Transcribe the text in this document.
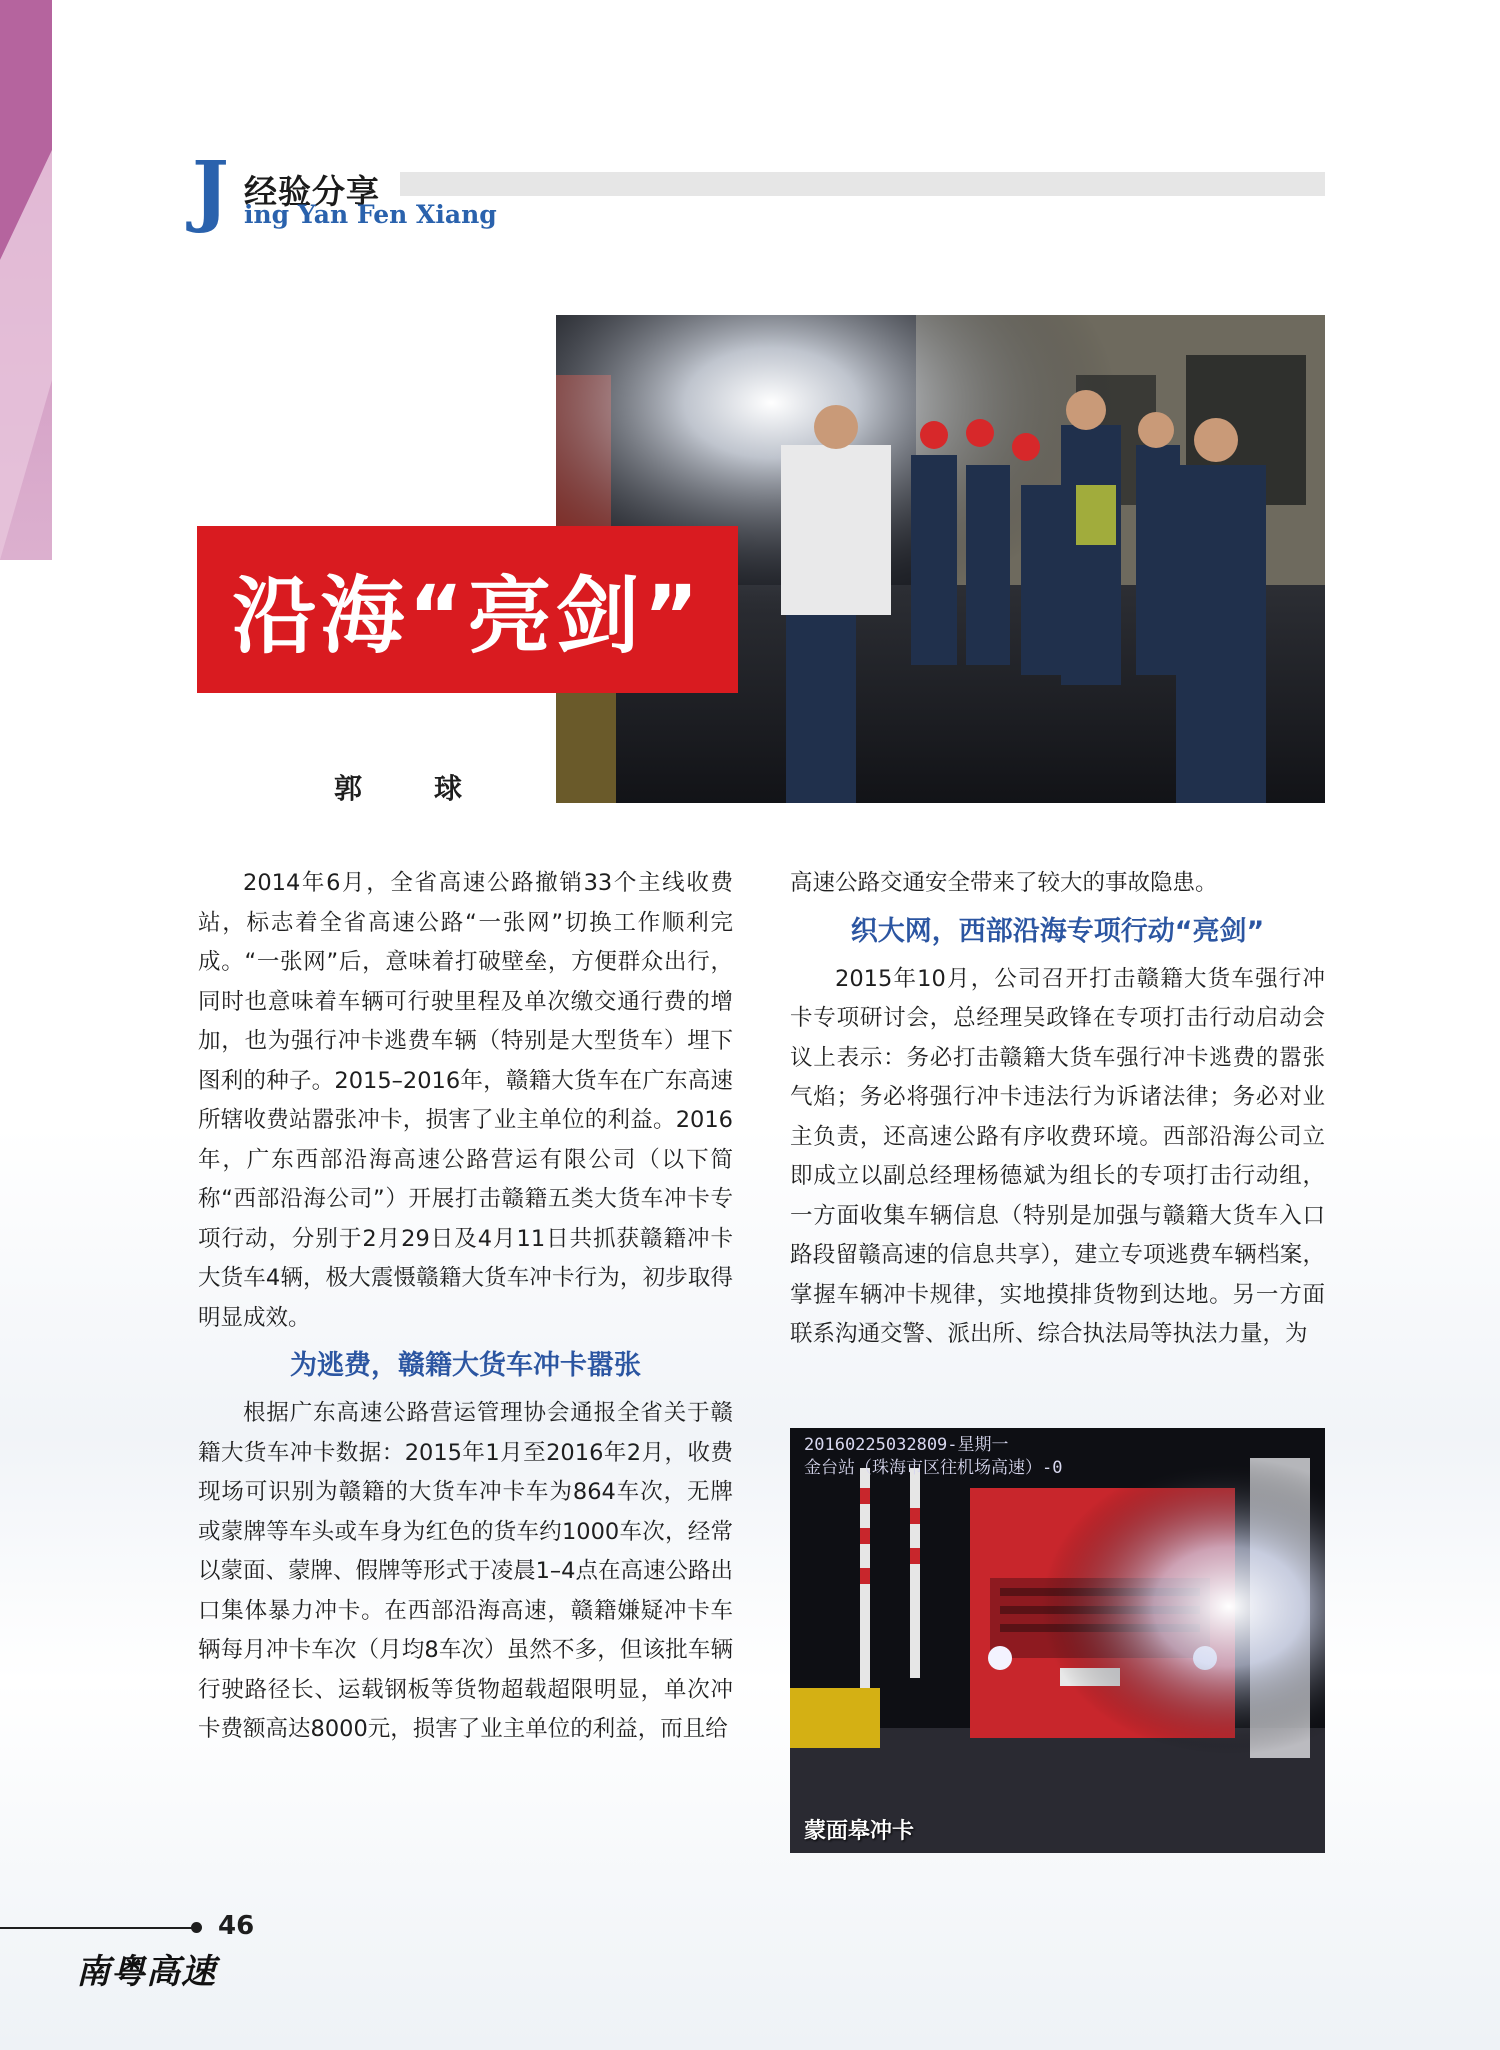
J 经验分享
ing Yan Fen Xiang
沿海“亮剑”
郭　球

2014年6月，全省高速公路撤销33个主线收费站，标志着全省高速公路“一张网”切换工作顺利完成。“一张网”后，意味着打破壁垒，方便群众出行，同时也意味着车辆可行驶里程及单次缴交通行费的增加，也为强行冲卡逃费车辆（特别是大型货车）埋下图利的种子。2015–2016年，赣籍大货车在广东高速所辖收费站嚣张冲卡，损害了业主单位的利益。2016年，广东西部沿海高速公路营运有限公司（以下简称“西部沿海公司”）开展打击赣籍五类大货车冲卡专项行动，分别于2月29日及4月11日共抓获赣籍冲卡大货车4辆，极大震慑赣籍大货车冲卡行为，初步取得明显成效。

为逃费，赣籍大货车冲卡嚣张

根据广东高速公路营运管理协会通报全省关于赣籍大货车冲卡数据：2015年1月至2016年2月，收费现场可识别为赣籍的大货车冲卡车为864车次，无牌或蒙牌等车头或车身为红色的货车约1000车次，经常以蒙面、蒙牌、假牌等形式于凌晨1–4点在高速公路出口集体暴力冲卡。在西部沿海高速，赣籍嫌疑冲卡车辆每月冲卡车次（月均8车次）虽然不多，但该批车辆行驶路径长、运载钢板等货物超载超限明显，单次冲卡费额高达8000元，损害了业主单位的利益，而且给

高速公路交通安全带来了较大的事故隐患。

织大网，西部沿海专项行动“亮剑”

2015年10月，公司召开打击赣籍大货车强行冲卡专项研讨会，总经理吴政锋在专项打击行动启动会议上表示：务必打击赣籍大货车强行冲卡逃费的嚣张气焰；务必将强行冲卡违法行为诉诸法律；务必对业主负责，还高速公路有序收费环境。西部沿海公司立即成立以副总经理杨德斌为组长的专项打击行动组，一方面收集车辆信息（特别是加强与赣籍大货车入口路段留赣高速的信息共享），建立专项逃费车辆档案，掌握车辆冲卡规律，实地摸排货物到达地。另一方面联系沟通交警、派出所、综合执法局等执法力量，为

20160225032809-星期一
金台站（珠海市区往机场高速）-0
蒙面皋冲卡
46
南粤高速
